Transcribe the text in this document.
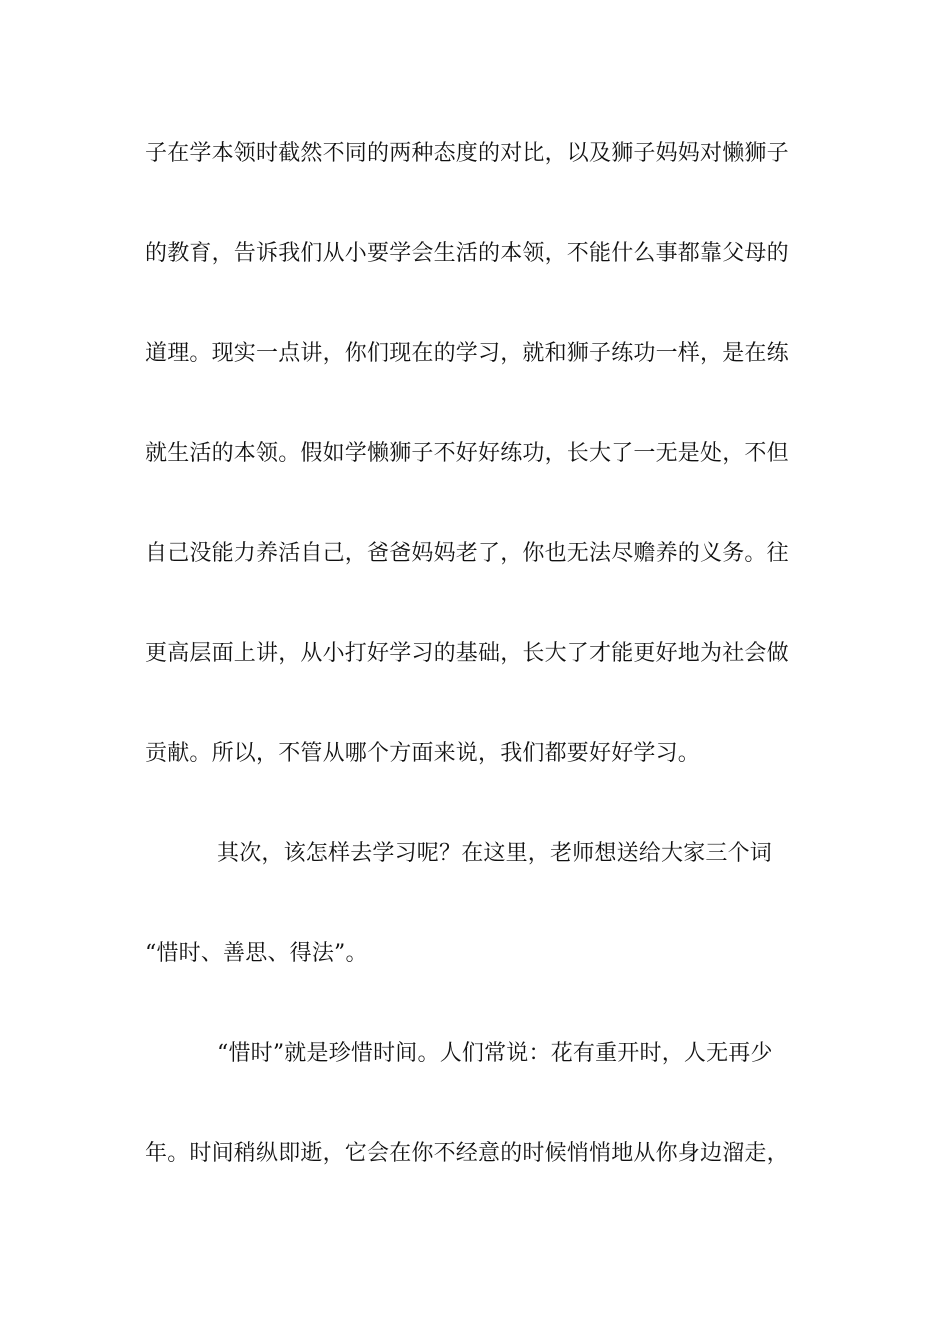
子在学本领时截然不同的两种态度的对比，以及狮子妈妈对懒狮子
的教育，告诉我们从小要学会生活的本领，不能什么事都靠父母的
道理。现实一点讲，你们现在的学习，就和狮子练功一样，是在练
就生活的本领。假如学懒狮子不好好练功，长大了一无是处，不但
自己没能力养活自己，爸爸妈妈老了，你也无法尽赡养的义务。往
更高层面上讲，从小打好学习的基础，长大了才能更好地为社会做
贡献。所以，不管从哪个方面来说，我们都要好好学习。
其次，该怎样去学习呢？在这里，老师想送给大家三个词
“惜时、善思、得法”。
“惜时”就是珍惜时间。人们常说：花有重开时，人无再少
年。时间稍纵即逝，它会在你不经意的时候悄悄地从你身边溜走，
